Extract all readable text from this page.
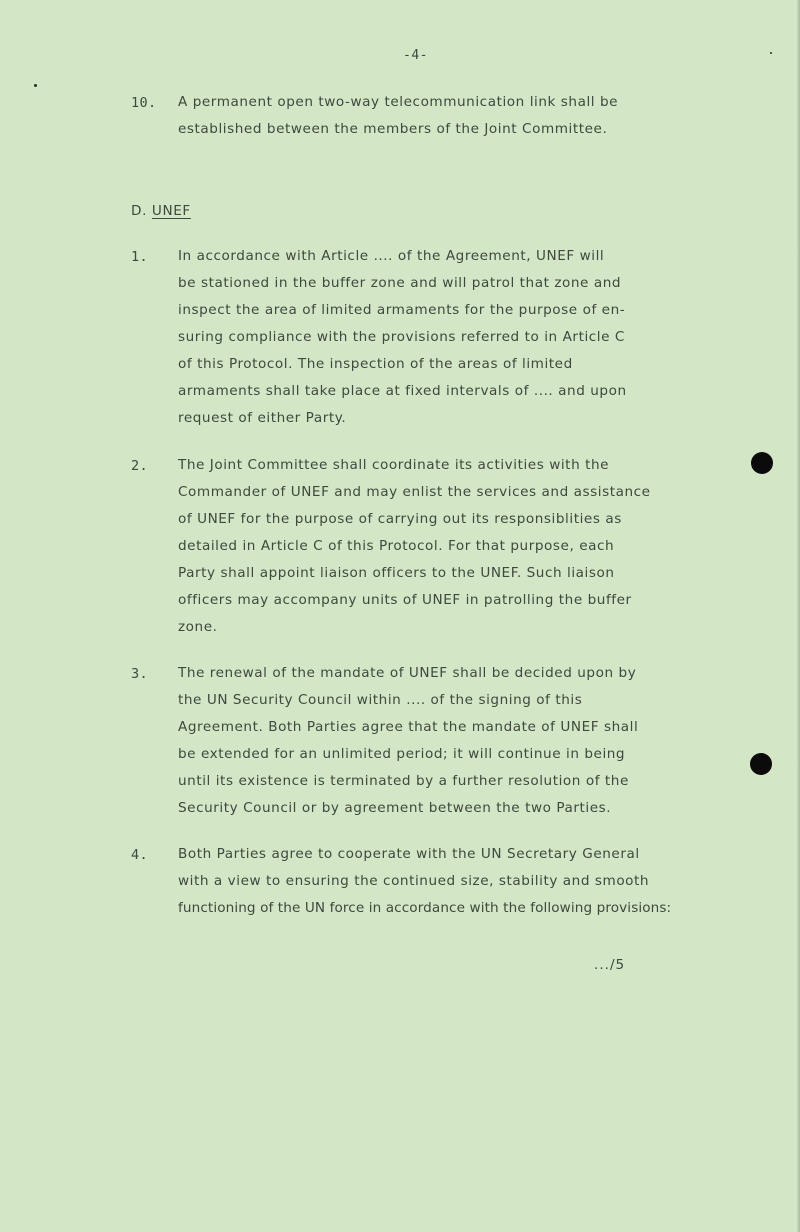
-4-
10. A permanent open two-way telecommunication link shall be
established between the members of the Joint Committee.
D. UNEF
1. In accordance with Article .... of the Agreement, UNEF will
be stationed in the buffer zone and will patrol that zone and
inspect the area of limited armaments for the purpose of en-
suring compliance with the provisions referred to in Article C
of this Protocol. The inspection of the areas of limited
armaments shall take place at fixed intervals of .... and upon
request of either Party.
2. The Joint Committee shall coordinate its activities with the
Commander of UNEF and may enlist the services and assistance
of UNEF for the purpose of carrying out its responsiblities as
detailed in Article C of this Protocol. For that purpose, each
Party shall appoint liaison officers to the UNEF. Such liaison
officers may accompany units of UNEF in patrolling the buffer
zone.
3. The renewal of the mandate of UNEF shall be decided upon by
the UN Security Council within .... of the signing of this
Agreement. Both Parties agree that the mandate of UNEF shall
be extended for an unlimited period; it will continue in being
until its existence is terminated by a further resolution of the
Security Council or by agreement between the two Parties.
4. Both Parties agree to cooperate with the UN Secretary General
with a view to ensuring the continued size, stability and smooth
functioning of the UN force in accordance with the following provisions:
.../5
